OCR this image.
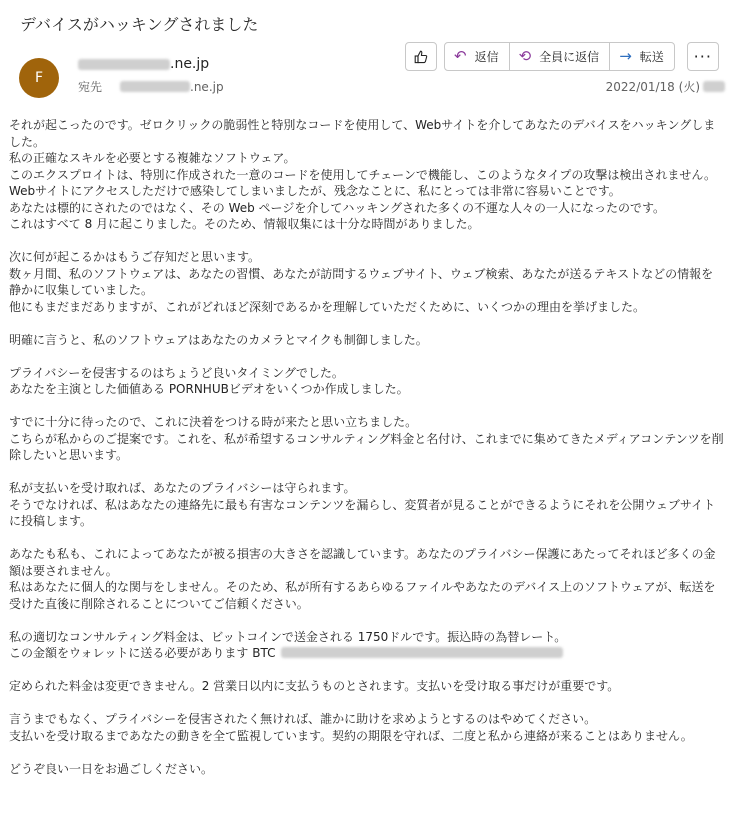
デバイスがハッキングされました
F
.ne.jp
宛先	.ne.jp
↶ 返信 ⟲ 全員に返信 → 転送 ···
2022/01/18 (火)

それが起こったのです。ゼロクリックの脆弱性と特別なコードを使用して、Webサイトを介してあなたのデバイスをハッキングしました。
私の正確なスキルを必要とする複雑なソフトウェア。
このエクスプロイトは、特別に作成された一意のコードを使用してチェーンで機能し、このようなタイプの攻撃は検出されません。
Webサイトにアクセスしただけで感染してしまいましたが、残念なことに、私にとっては非常に容易いことです。
あなたは標的にされたのではなく、その Web ページを介してハッキングされた多くの不運な人々の一人になったのです。
これはすべて 8 月に起こりました。そのため、情報収集には十分な時間がありました。

次に何が起こるかはもうご存知だと思います。
数ヶ月間、私のソフトウェアは、あなたの習慣、あなたが訪問するウェブサイト、ウェブ検索、あなたが送るテキストなどの情報を静かに収集していました。
他にもまだまだありますが、これがどれほど深刻であるかを理解していただくために、いくつかの理由を挙げました。

明確に言うと、私のソフトウェアはあなたのカメラとマイクも制御しました。

プライバシーを侵害するのはちょうど良いタイミングでした。
あなたを主演とした価値ある PORNHUBビデオをいくつか作成しました。

すでに十分に待ったので、これに決着をつける時が来たと思い立ちました。
こちらが私からのご提案です。これを、私が希望するコンサルティング料金と名付け、これまでに集めてきたメディアコンテンツを削除したいと思います。

私が支払いを受け取れば、あなたのプライバシーは守られます。
そうでなければ、私はあなたの連絡先に最も有害なコンテンツを漏らし、変質者が見ることができるようにそれを公開ウェブサイトに投稿します。

あなたも私も、これによってあなたが被る損害の大きさを認識しています。あなたのプライバシー保護にあたってそれほど多くの金額は要されません。
私はあなたに個人的な関与をしません。そのため、私が所有するあらゆるファイルやあなたのデバイス上のソフトウェアが、転送を受けた直後に削除されることについてご信頼ください。

私の適切なコンサルティング料金は、ビットコインで送金される 1750ドルです。振込時の為替レート。
この金額をウォレットに送る必要があります BTC

定められた料金は変更できません。2 営業日以内に支払うものとされます。支払いを受け取る事だけが重要です。

言うまでもなく、プライバシーを侵害されたく無ければ、誰かに助けを求めようとするのはやめてください。
支払いを受け取るまであなたの動きを全て監視しています。契約の期限を守れば、二度と私から連絡が来ることはありません。

どうぞ良い一日をお過ごしください。
